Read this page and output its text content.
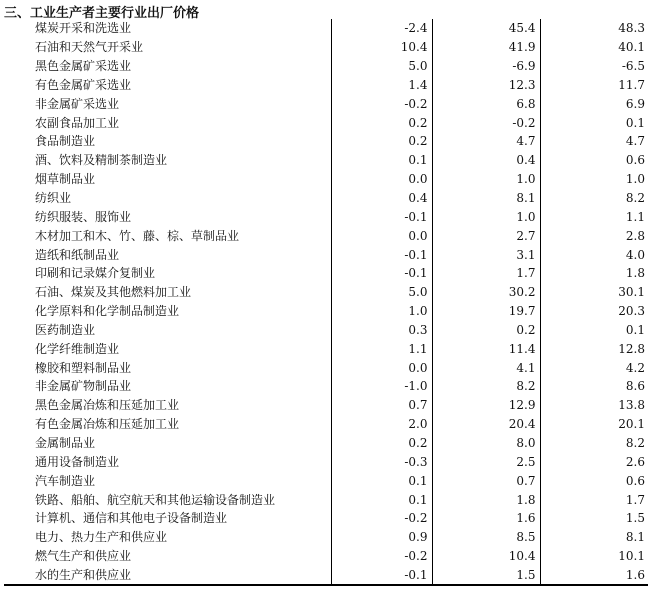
三、工业生产者主要行业出厂价格
煤炭开采和洗选业	-2.4	45.4	48.3
石油和天然气开采业	10.4	41.9	40.1
黑色金属矿采选业	5.0	-6.9	-6.5
有色金属矿采选业	1.4	12.3	11.7
非金属矿采选业	-0.2	6.8	6.9
农副食品加工业	0.2	-0.2	0.1
食品制造业	0.2	4.7	4.7
酒、饮料及精制茶制造业	0.1	0.4	0.6
烟草制品业	0.0	1.0	1.0
纺织业	0.4	8.1	8.2
纺织服装、服饰业	-0.1	1.0	1.1
木材加工和木、竹、藤、棕、草制品业	0.0	2.7	2.8
造纸和纸制品业	-0.1	3.1	4.0
印刷和记录媒介复制业	-0.1	1.7	1.8
石油、煤炭及其他燃料加工业	5.0	30.2	30.1
化学原料和化学制品制造业	1.0	19.7	20.3
医药制造业	0.3	0.2	0.1
化学纤维制造业	1.1	11.4	12.8
橡胶和塑料制品业	0.0	4.1	4.2
非金属矿物制品业	-1.0	8.2	8.6
黑色金属冶炼和压延加工业	0.7	12.9	13.8
有色金属冶炼和压延加工业	2.0	20.4	20.1
金属制品业	0.2	8.0	8.2
通用设备制造业	-0.3	2.5	2.6
汽车制造业	0.1	0.7	0.6
铁路、船舶、航空航天和其他运输设备制造业	0.1	1.8	1.7
计算机、通信和其他电子设备制造业	-0.2	1.6	1.5
电力、热力生产和供应业	0.9	8.5	8.1
燃气生产和供应业	-0.2	10.4	10.1
水的生产和供应业	-0.1	1.5	1.6
